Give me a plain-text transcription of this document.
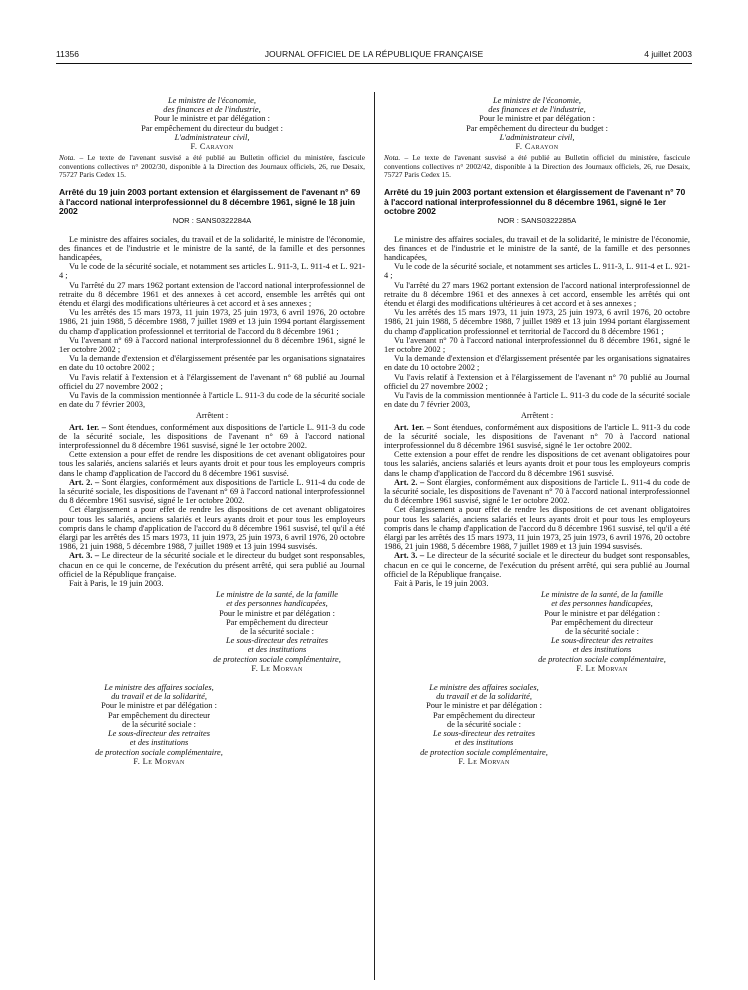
11356	JOURNAL OFFICIEL DE LA RÉPUBLIQUE FRANÇAISE	4 juillet 2003
Le ministre de l'économie,
des finances et de l'industrie,
Pour le ministre et par délégation :
Par empêchement du directeur du budget :
L'administrateur civil,
F. Carayon
Nota. – Le texte de l'avenant susvisé a été publié au Bulletin officiel du ministère, fascicule conventions collectives n° 2002/30, disponible à la Direction des Journaux officiels, 26, rue Desaix, 75727 Paris Cedex 15.
Arrêté du 19 juin 2003 portant extension et élargissement de l'avenant n° 69 à l'accord national interprofessionnel du 8 décembre 1961, signé le 18 juin 2002
NOR : SANS0322284A

Le ministre des affaires sociales, du travail et de la solidarité, le ministre de l'économie, des finances et de l'industrie et le ministre de la santé, de la famille et des personnes handicapées,

Vu le code de la sécurité sociale, et notamment ses articles L. 911-3, L. 911-4 et L. 921-4 ;

Vu l'arrêté du 27 mars 1962 portant extension de l'accord national interprofessionnel de retraite du 8 décembre 1961 et des annexes à cet accord, ensemble les arrêtés qui ont étendu et élargi des modifications ultérieures à cet accord et à ses annexes ;

Vu les arrêtés des 15 mars 1973, 11 juin 1973, 25 juin 1973, 6 avril 1976, 20 octobre 1986, 21 juin 1988, 5 décembre 1988, 7 juillet 1989 et 13 juin 1994 portant élargissement du champ d'application professionnel et territorial de l'accord du 8 décembre 1961 ;

Vu l'avenant n° 69 à l'accord national interprofessionnel du 8 décembre 1961, signé le 1er octobre 2002 ;

Vu la demande d'extension et d'élargissement présentée par les organisations signataires en date du 10 octobre 2002 ;

Vu l'avis relatif à l'extension et à l'élargissement de l'avenant n° 68 publié au Journal officiel du 27 novembre 2002 ;

Vu l'avis de la commission mentionnée à l'article L. 911-3 du code de la sécurité sociale en date du 7 février 2003,

Arrêtent :

Art. 1er. – Sont étendues, conformément aux dispositions de l'article L. 911-3 du code de la sécurité sociale, les dispositions de l'avenant n° 69 à l'accord national interprofessionnel du 8 décembre 1961 susvisé, signé le 1er octobre 2002.

Cette extension a pour effet de rendre les dispositions de cet avenant obligatoires pour tous les salariés, anciens salariés et leurs ayants droit et pour tous les employeurs compris dans le champ d'application de l'accord du 8 décembre 1961 susvisé.

Art. 2. – Sont élargies, conformément aux dispositions de l'article L. 911-4 du code de la sécurité sociale, les dispositions de l'avenant n° 69 à l'accord national interprofessionnel du 8 décembre 1961 susvisé, signé le 1er octobre 2002.

Cet élargissement a pour effet de rendre les dispositions de cet avenant obligatoires pour tous les salariés, anciens salariés et leurs ayants droit et pour tous les employeurs compris dans le champ d'application de l'accord du 8 décembre 1961 susvisé, tel qu'il a été élargi par les arrêtés des 15 mars 1973, 11 juin 1973, 25 juin 1973, 6 avril 1976, 20 octobre 1986, 21 juin 1988, 5 décembre 1988, 7 juillet 1989 et 13 juin 1994 susvisés.

Art. 3. – Le directeur de la sécurité sociale et le directeur du budget sont responsables, chacun en ce qui le concerne, de l'exécution du présent arrêté, qui sera publié au Journal officiel de la République française.

Fait à Paris, le 19 juin 2003.

Le ministre de la santé, de la famille
et des personnes handicapées,
Pour le ministre et par délégation :
Par empêchement du directeur
de la sécurité sociale :
Le sous-directeur des retraites
et des institutions
de protection sociale complémentaire,
F. Le Morvan
Le ministre des affaires sociales,
du travail et de la solidarité,
Pour le ministre et par délégation :
Par empêchement du directeur
de la sécurité sociale :
Le sous-directeur des retraites
et des institutions
de protection sociale complémentaire,
F. Le Morvan
Le ministre de l'économie,
des finances et de l'industrie,
Pour le ministre et par délégation :
Par empêchement du directeur du budget :
L'administrateur civil,
F. Carayon
Nota. – Le texte de l'avenant susvisé a été publié au Bulletin officiel du ministère, fascicule conventions collectives n° 2002/42, disponible à la Direction des Journaux officiels, 26, rue Desaix, 75727 Paris Cedex 15.
Arrêté du 19 juin 2003 portant extension et élargissement de l'avenant n° 70 à l'accord national interprofessionnel du 8 décembre 1961, signé le 1er octobre 2002
NOR : SANS0322285A

Le ministre des affaires sociales, du travail et de la solidarité, le ministre de l'économie, des finances et de l'industrie et le ministre de la santé, de la famille et des personnes handicapées,

Vu le code de la sécurité sociale, et notamment ses articles L. 911-3, L. 911-4 et L. 921-4 ;

Vu l'arrêté du 27 mars 1962 portant extension de l'accord national interprofessionnel de retraite du 8 décembre 1961 et des annexes à cet accord, ensemble les arrêtés qui ont étendu et élargi des modifications ultérieures à cet accord et à ses annexes ;

Vu les arrêtés des 15 mars 1973, 11 juin 1973, 25 juin 1973, 6 avril 1976, 20 octobre 1986, 21 juin 1988, 5 décembre 1988, 7 juillet 1989 et 13 juin 1994 portant élargissement du champ d'application professionnel et territorial de l'accord du 8 décembre 1961 ;

Vu l'avenant n° 70 à l'accord national interprofessionnel du 8 décembre 1961, signé le 1er octobre 2002 ;

Vu la demande d'extension et d'élargissement présentée par les organisations signataires en date du 10 octobre 2002 ;

Vu l'avis relatif à l'extension et à l'élargissement de l'avenant n° 70 publié au Journal officiel du 27 novembre 2002 ;

Vu l'avis de la commission mentionnée à l'article L. 911-3 du code de la sécurité sociale en date du 7 février 2003,

Arrêtent :

Art. 1er. – Sont étendues, conformément aux dispositions de l'article L. 911-3 du code de la sécurité sociale, les dispositions de l'avenant n° 70 à l'accord national interprofessionnel du 8 décembre 1961 susvisé, signé le 1er octobre 2002.

Cette extension a pour effet de rendre les dispositions de cet avenant obligatoires pour tous les salariés, anciens salariés et leurs ayants droit et pour tous les employeurs compris dans le champ d'application de l'accord du 8 décembre 1961 susvisé.

Art. 2. – Sont élargies, conformément aux dispositions de l'article L. 911-4 du code de la sécurité sociale, les dispositions de l'avenant n° 70 à l'accord national interprofessionnel du 8 décembre 1961 susvisé, signé le 1er octobre 2002.

Cet élargissement a pour effet de rendre les dispositions de cet avenant obligatoires pour tous les salariés, anciens salariés et leurs ayants droit et pour tous les employeurs compris dans le champ d'application de l'accord du 8 décembre 1961 susvisé, tel qu'il a été élargi par les arrêtés des 15 mars 1973, 11 juin 1973, 25 juin 1973, 6 avril 1976, 20 octobre 1986, 21 juin 1988, 5 décembre 1988, 7 juillet 1989 et 13 juin 1994 susvisés.

Art. 3. – Le directeur de la sécurité sociale et le directeur du budget sont responsables, chacun en ce qui le concerne, de l'exécution du présent arrêté, qui sera publié au Journal officiel de la République française.

Fait à Paris, le 19 juin 2003.

Le ministre de la santé, de la famille
et des personnes handicapées,
Pour le ministre et par délégation :
Par empêchement du directeur
de la sécurité sociale :
Le sous-directeur des retraites
et des institutions
de protection sociale complémentaire,
F. Le Morvan
Le ministre des affaires sociales,
du travail et de la solidarité,
Pour le ministre et par délégation :
Par empêchement du directeur
de la sécurité sociale :
Le sous-directeur des retraites
et des institutions
de protection sociale complémentaire,
F. Le Morvan
